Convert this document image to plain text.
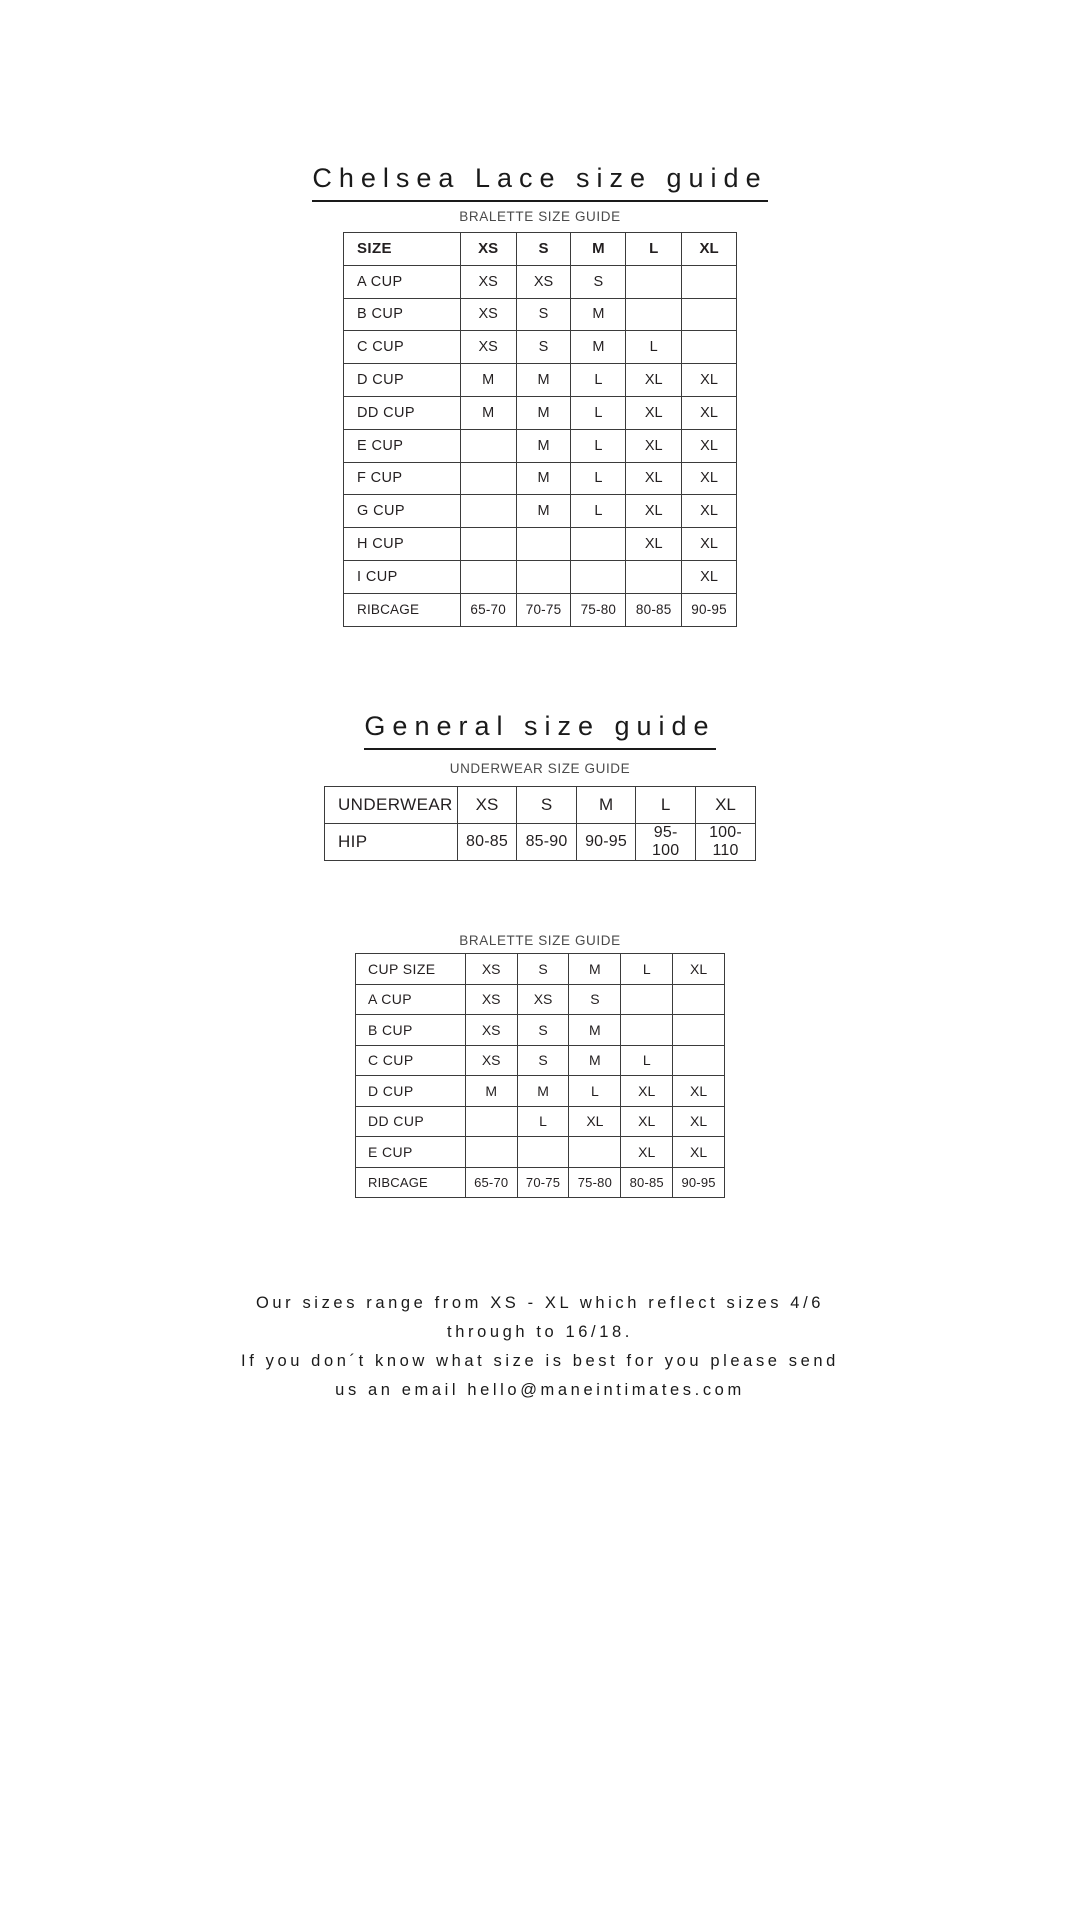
Chelsea Lace size guide
BRALETTE SIZE GUIDE
SIZE	XS	S	M	L	XL
A CUP	XS	XS	S		
B CUP	XS	S	M		
C CUP	XS	S	M	L	
D CUP	M	M	L	XL	XL
DD CUP	M	M	L	XL	XL
E CUP		M	L	XL	XL
F CUP		M	L	XL	XL
G CUP		M	L	XL	XL
H CUP				XL	XL
I CUP					XL
RIBCAGE	65-70	70-75	75-80	80-85	90-95
General size guide
UNDERWEAR SIZE GUIDE
UNDERWEAR	XS	S	M	L	XL
HIP	80-85	85-90	90-95	95-100	100-110
BRALETTE SIZE GUIDE
CUP SIZE	XS	S	M	L	XL
A CUP	XS	XS	S		
B CUP	XS	S	M		
C CUP	XS	S	M	L	
D CUP	M	M	L	XL	XL
DD CUP		L	XL	XL	XL
E CUP				XL	XL
RIBCAGE	65-70	70-75	75-80	80-85	90-95
Our sizes range from XS - XL which reflect sizes 4/6
through to 16/18.
If you don´t know what size is best for you please send
us an email hello@maneintimates.com
